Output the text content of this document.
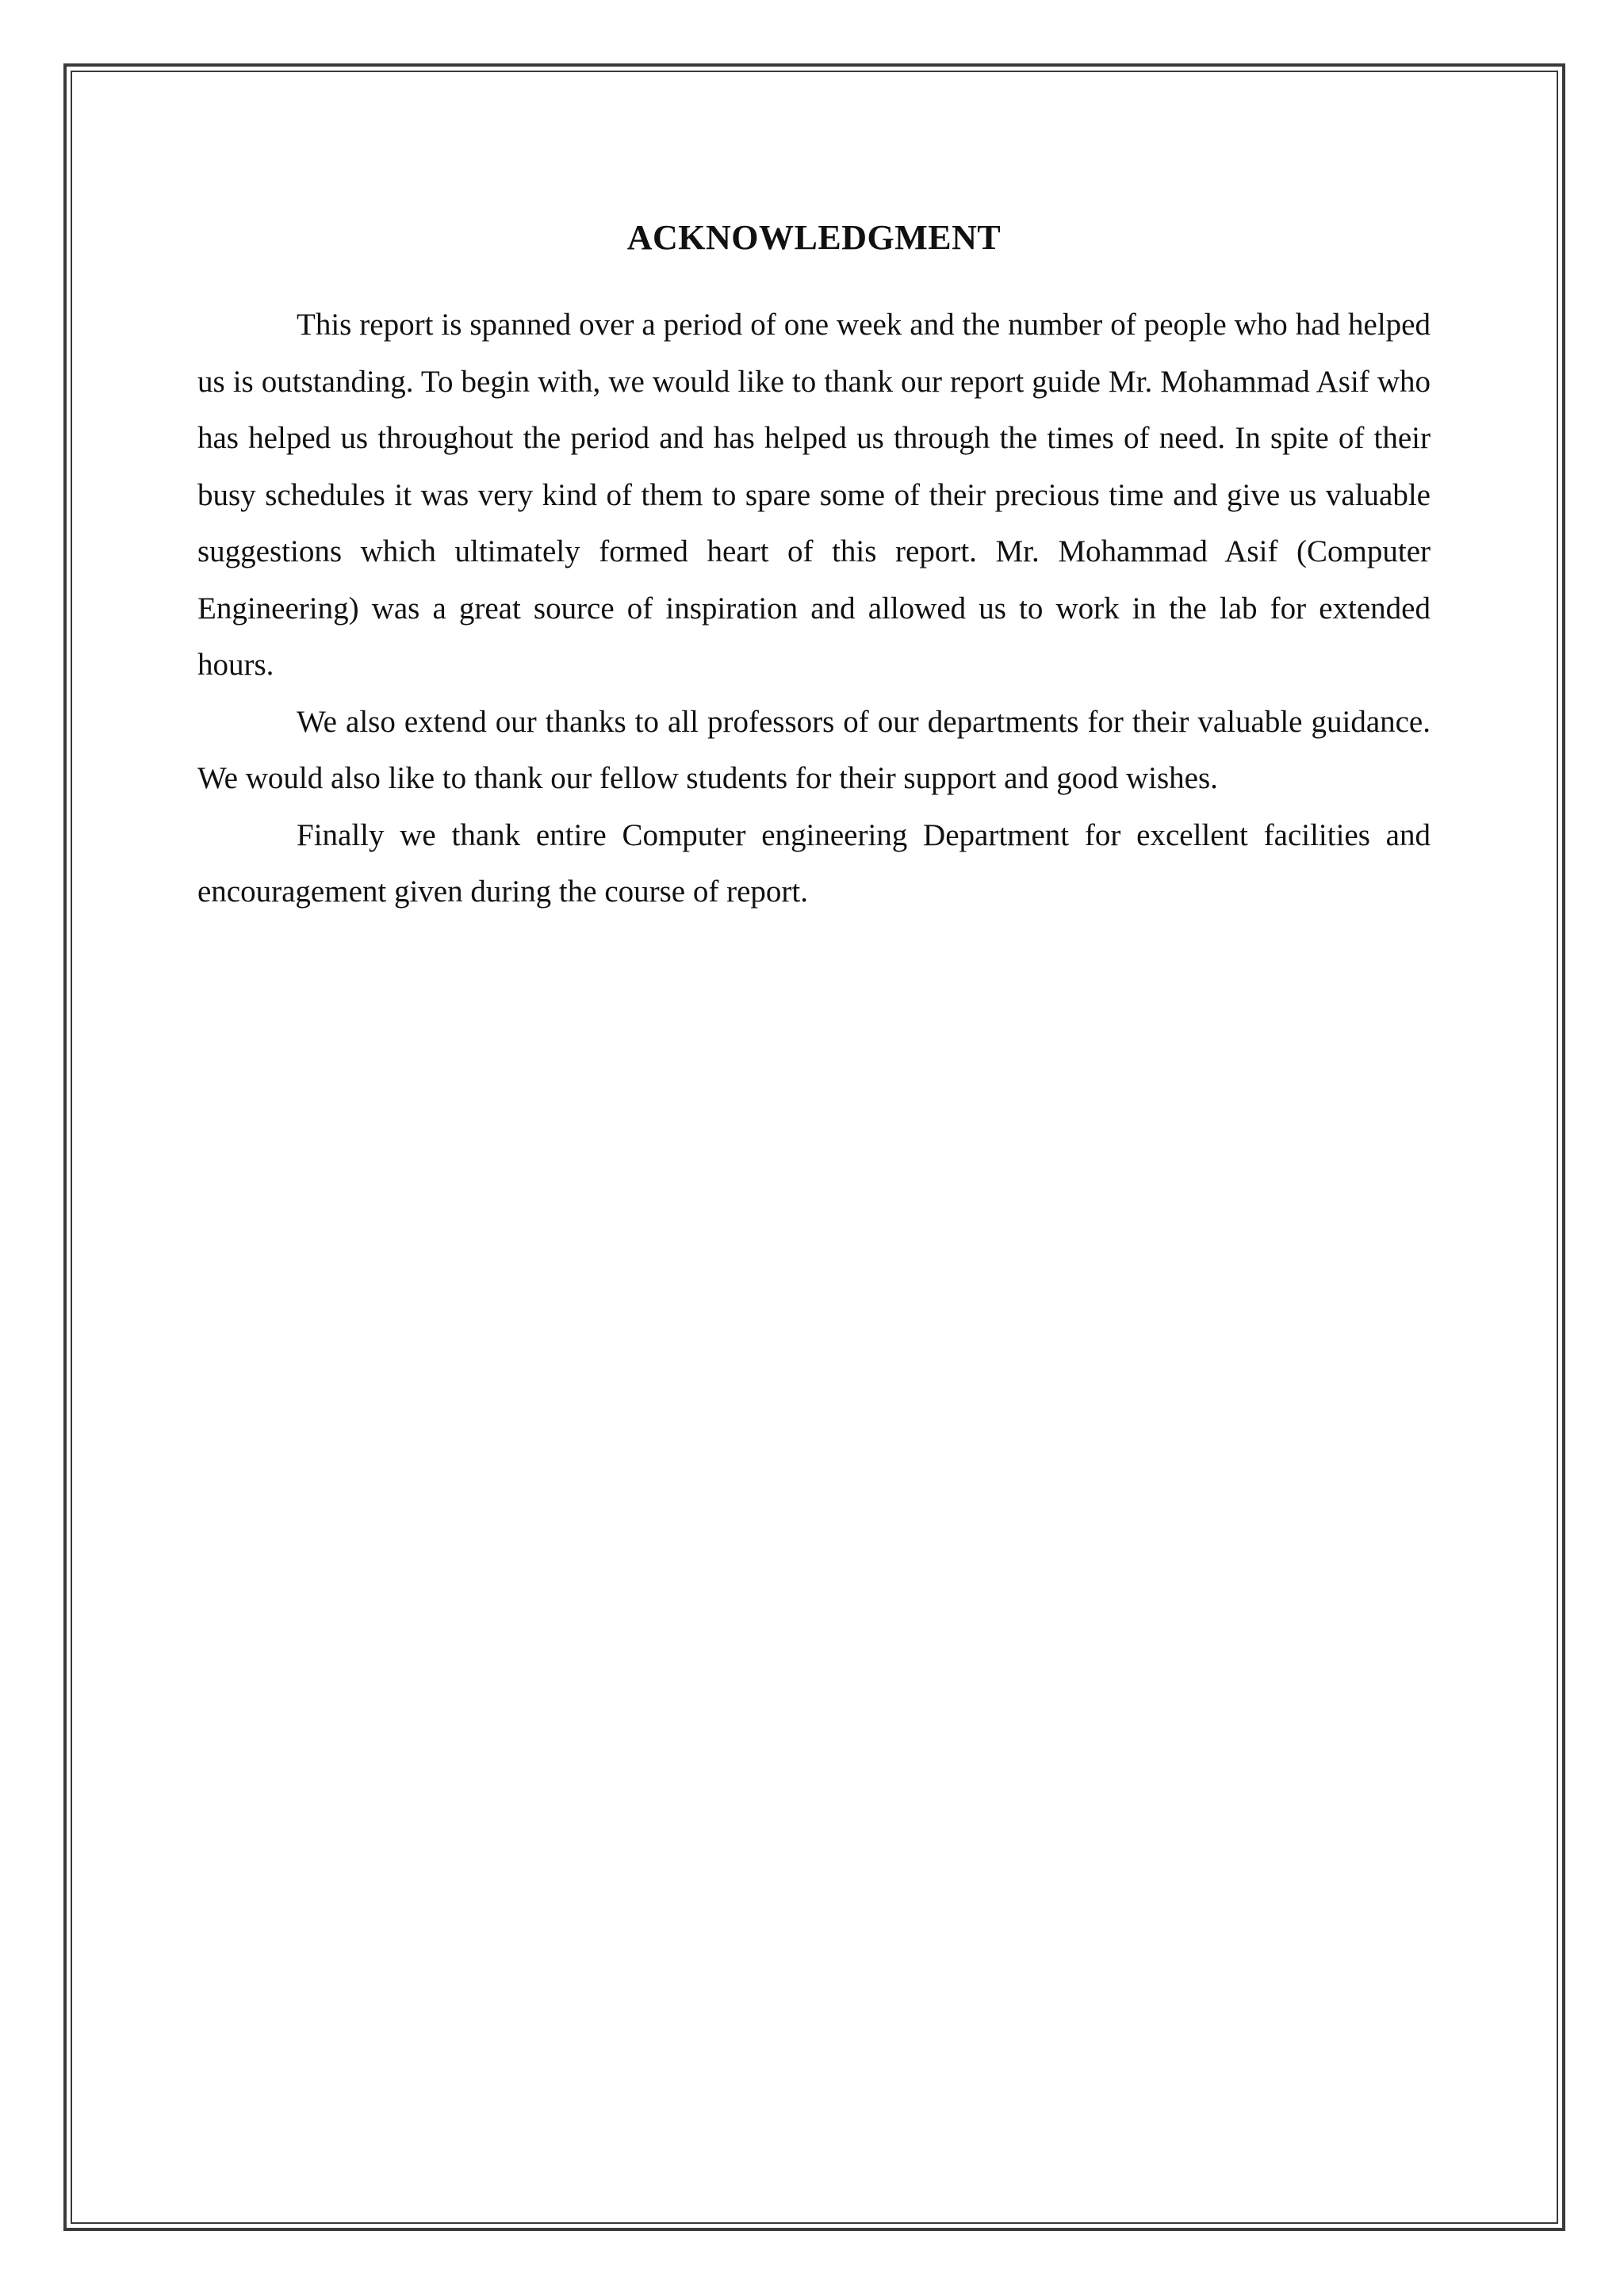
ACKNOWLEDGMENT

This report is spanned over a period of one week and the number of people who had helped us is outstanding. To begin with, we would like to thank our report guide Mr. Mohammad Asif who has helped us throughout the period and has helped us through the times of need. In spite of their busy schedules it was very kind of them to spare some of their precious time and give us valuable suggestions which ultimately formed heart of this report. Mr. Mohammad Asif (Computer Engineering) was a great source of inspiration and allowed us to work in the lab for extended hours.

We also extend our thanks to all professors of our departments for their valuable guidance. We would also like to thank our fellow students for their support and good wishes.

Finally we thank entire Computer engineering Department for excellent facilities and encouragement given during the course of report.
